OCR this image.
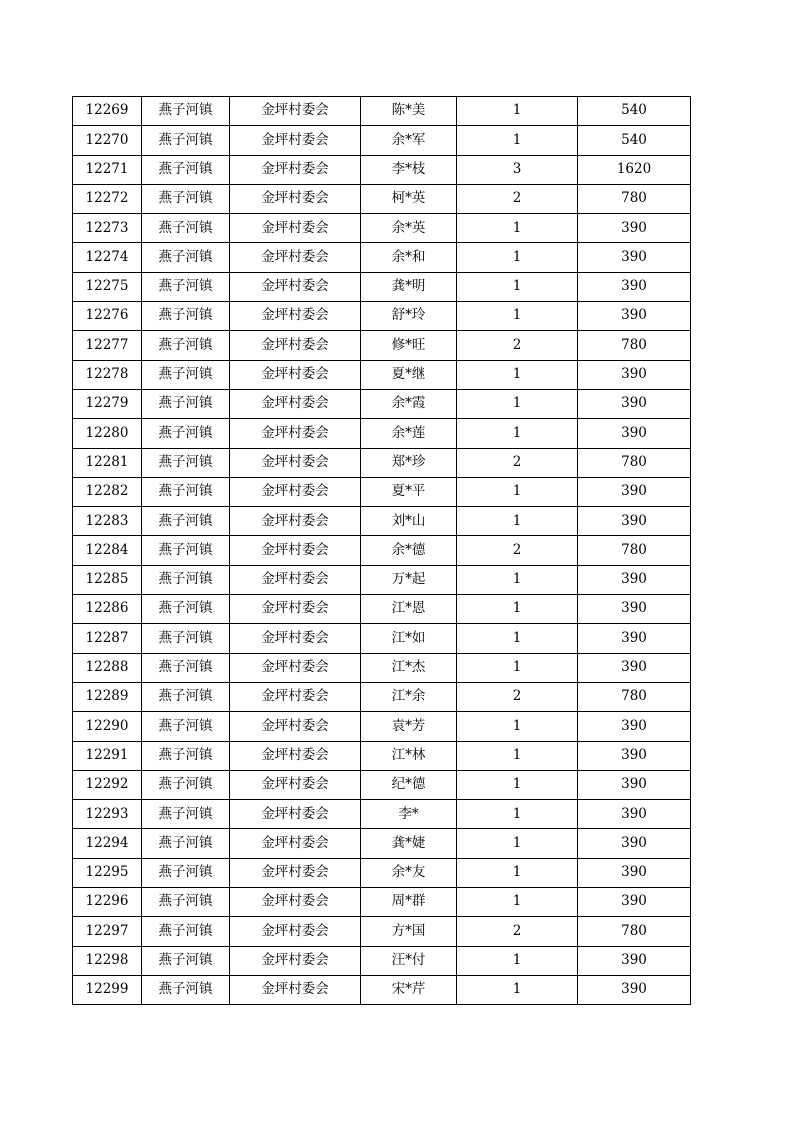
12269	燕子河镇	金坪村委会	陈*美	1	540
12270	燕子河镇	金坪村委会	余*军	1	540
12271	燕子河镇	金坪村委会	李*枝	3	1620
12272	燕子河镇	金坪村委会	柯*英	2	780
12273	燕子河镇	金坪村委会	余*英	1	390
12274	燕子河镇	金坪村委会	余*和	1	390
12275	燕子河镇	金坪村委会	龚*明	1	390
12276	燕子河镇	金坪村委会	舒*玲	1	390
12277	燕子河镇	金坪村委会	修*旺	2	780
12278	燕子河镇	金坪村委会	夏*继	1	390
12279	燕子河镇	金坪村委会	余*霞	1	390
12280	燕子河镇	金坪村委会	余*莲	1	390
12281	燕子河镇	金坪村委会	郑*珍	2	780
12282	燕子河镇	金坪村委会	夏*平	1	390
12283	燕子河镇	金坪村委会	刘*山	1	390
12284	燕子河镇	金坪村委会	余*德	2	780
12285	燕子河镇	金坪村委会	万*起	1	390
12286	燕子河镇	金坪村委会	江*恩	1	390
12287	燕子河镇	金坪村委会	江*如	1	390
12288	燕子河镇	金坪村委会	江*杰	1	390
12289	燕子河镇	金坪村委会	江*余	2	780
12290	燕子河镇	金坪村委会	袁*芳	1	390
12291	燕子河镇	金坪村委会	江*林	1	390
12292	燕子河镇	金坪村委会	纪*德	1	390
12293	燕子河镇	金坪村委会	李*	1	390
12294	燕子河镇	金坪村委会	龚*婕	1	390
12295	燕子河镇	金坪村委会	余*友	1	390
12296	燕子河镇	金坪村委会	周*群	1	390
12297	燕子河镇	金坪村委会	方*国	2	780
12298	燕子河镇	金坪村委会	汪*付	1	390
12299	燕子河镇	金坪村委会	宋*芹	1	390
